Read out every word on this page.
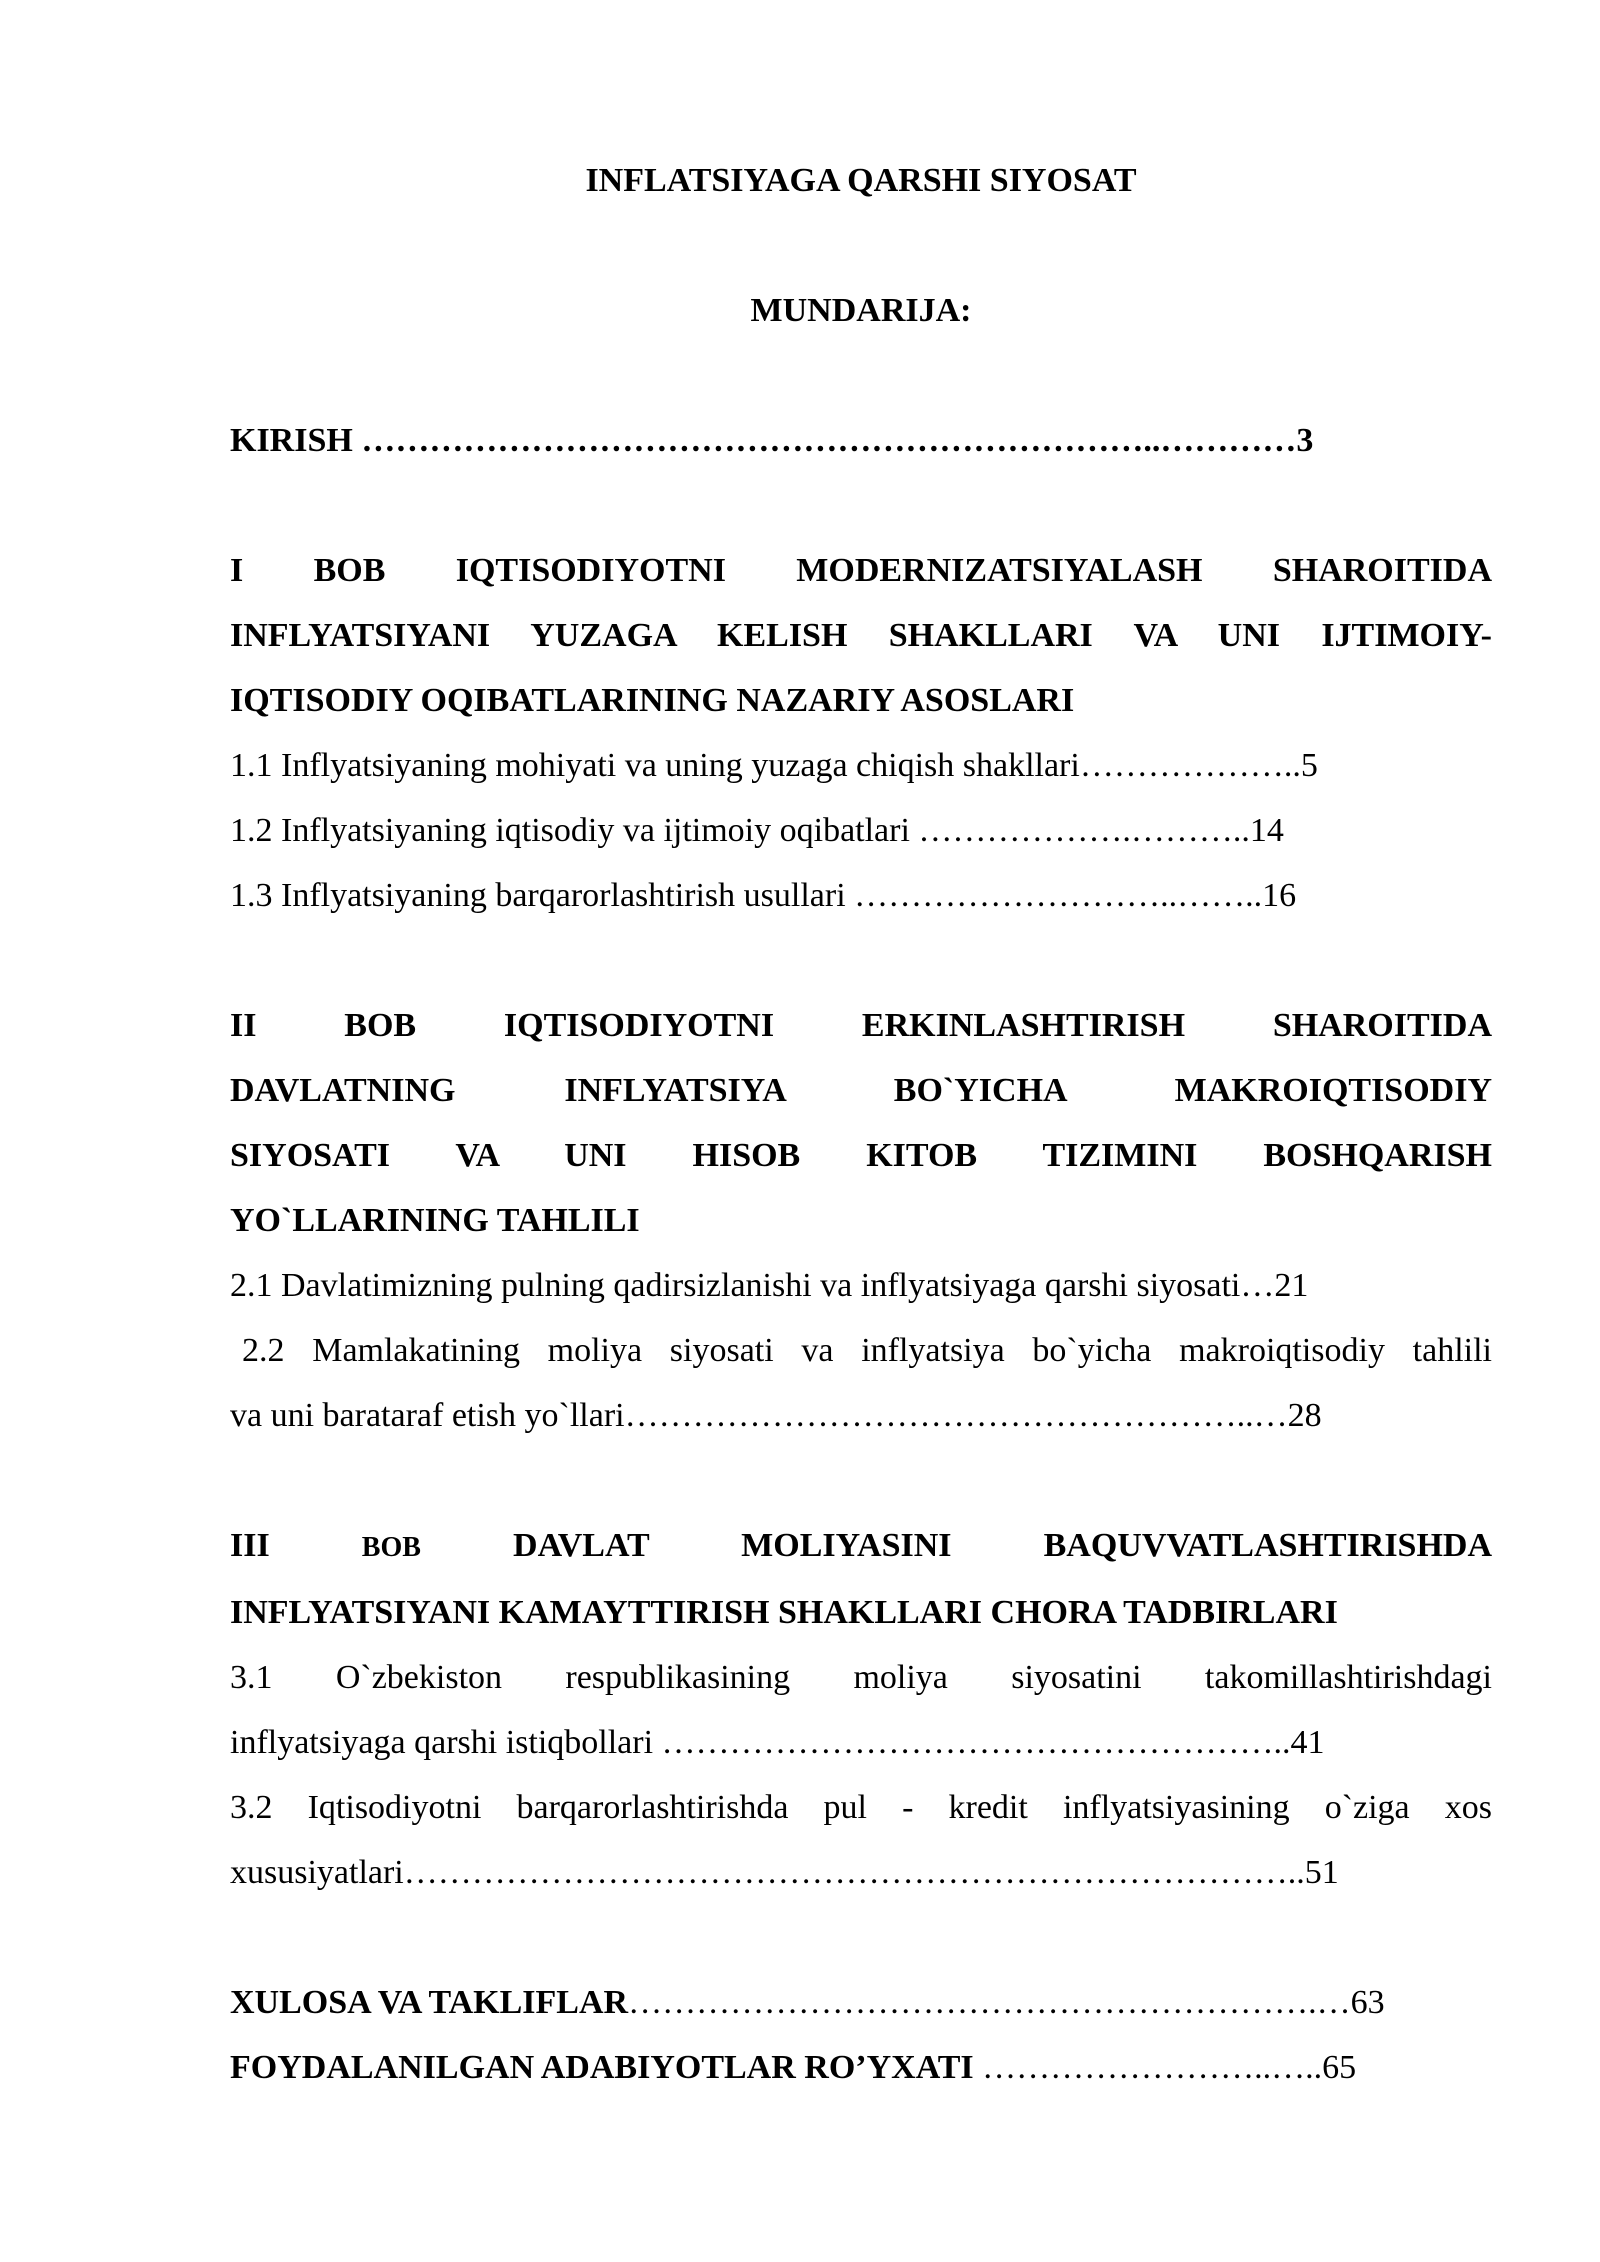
INFLATSIYAGA QARSHI SIYOSAT
MUNDARIJA:
KIRISH ……………………………………………………………..…………3
I BOB IQTISODIYOTNI MODERNIZATSIYALASH SHAROITIDA
INFLYATSIYANI YUZAGA KELISH SHAKLLARI VA UNI IJTIMOIY-
IQTISODIY OQIBATLARINING NAZARIY ASOSLARI
1.1 Inflyatsiyaning mohiyati va uning yuzaga chiqish shakllari………………..5
1.2 Inflyatsiyaning iqtisodiy va ijtimoiy oqibatlari ……………….………..14
1.3 Inflyatsiyaning barqarorlashtirish usullari ………………………..……..16
II BOB IQTISODIYOTNI ERKINLASHTIRISH SHAROITIDA
DAVLATNING INFLYATSIYA BO`YICHA MAKROIQTISODIY
SIYOSATI VA UNI HISOB KITOB TIZIMINI BOSHQARISH
YO`LLARINING TAHLILI
2.1 Davlatimizning pulning qadirsizlanishi va inflyatsiyaga qarshi siyosati…21
2.2 Mamlakatining moliya siyosati va inflyatsiya bo`yicha makroiqtisodiy tahlili
va uni barataraf etish yo`llari………………………………………………..…28
III	BOB	DAVLAT MOLIYASINI BAQUVVATLASHTIRISHDA
INFLYATSIYANI KAMAYTTIRISH SHAKLLARI CHORA TADBIRLARI
3.1 O`zbekiston respublikasining moliya siyosatini takomillashtirishdagi
inflyatsiyaga qarshi istiqbollari ………………………………………………..41
3.2 Iqtisodiyotni barqarorlashtirishda pul - kredit inflyatsiyasining o`ziga xos
xususiyatlari……………………………………………………………………..51
XULOSA VA TAKLIFLAR…………………………………………………….…63
FOYDALANILGAN ADABIYOTLAR RO’YXATI ……………………..…..65
